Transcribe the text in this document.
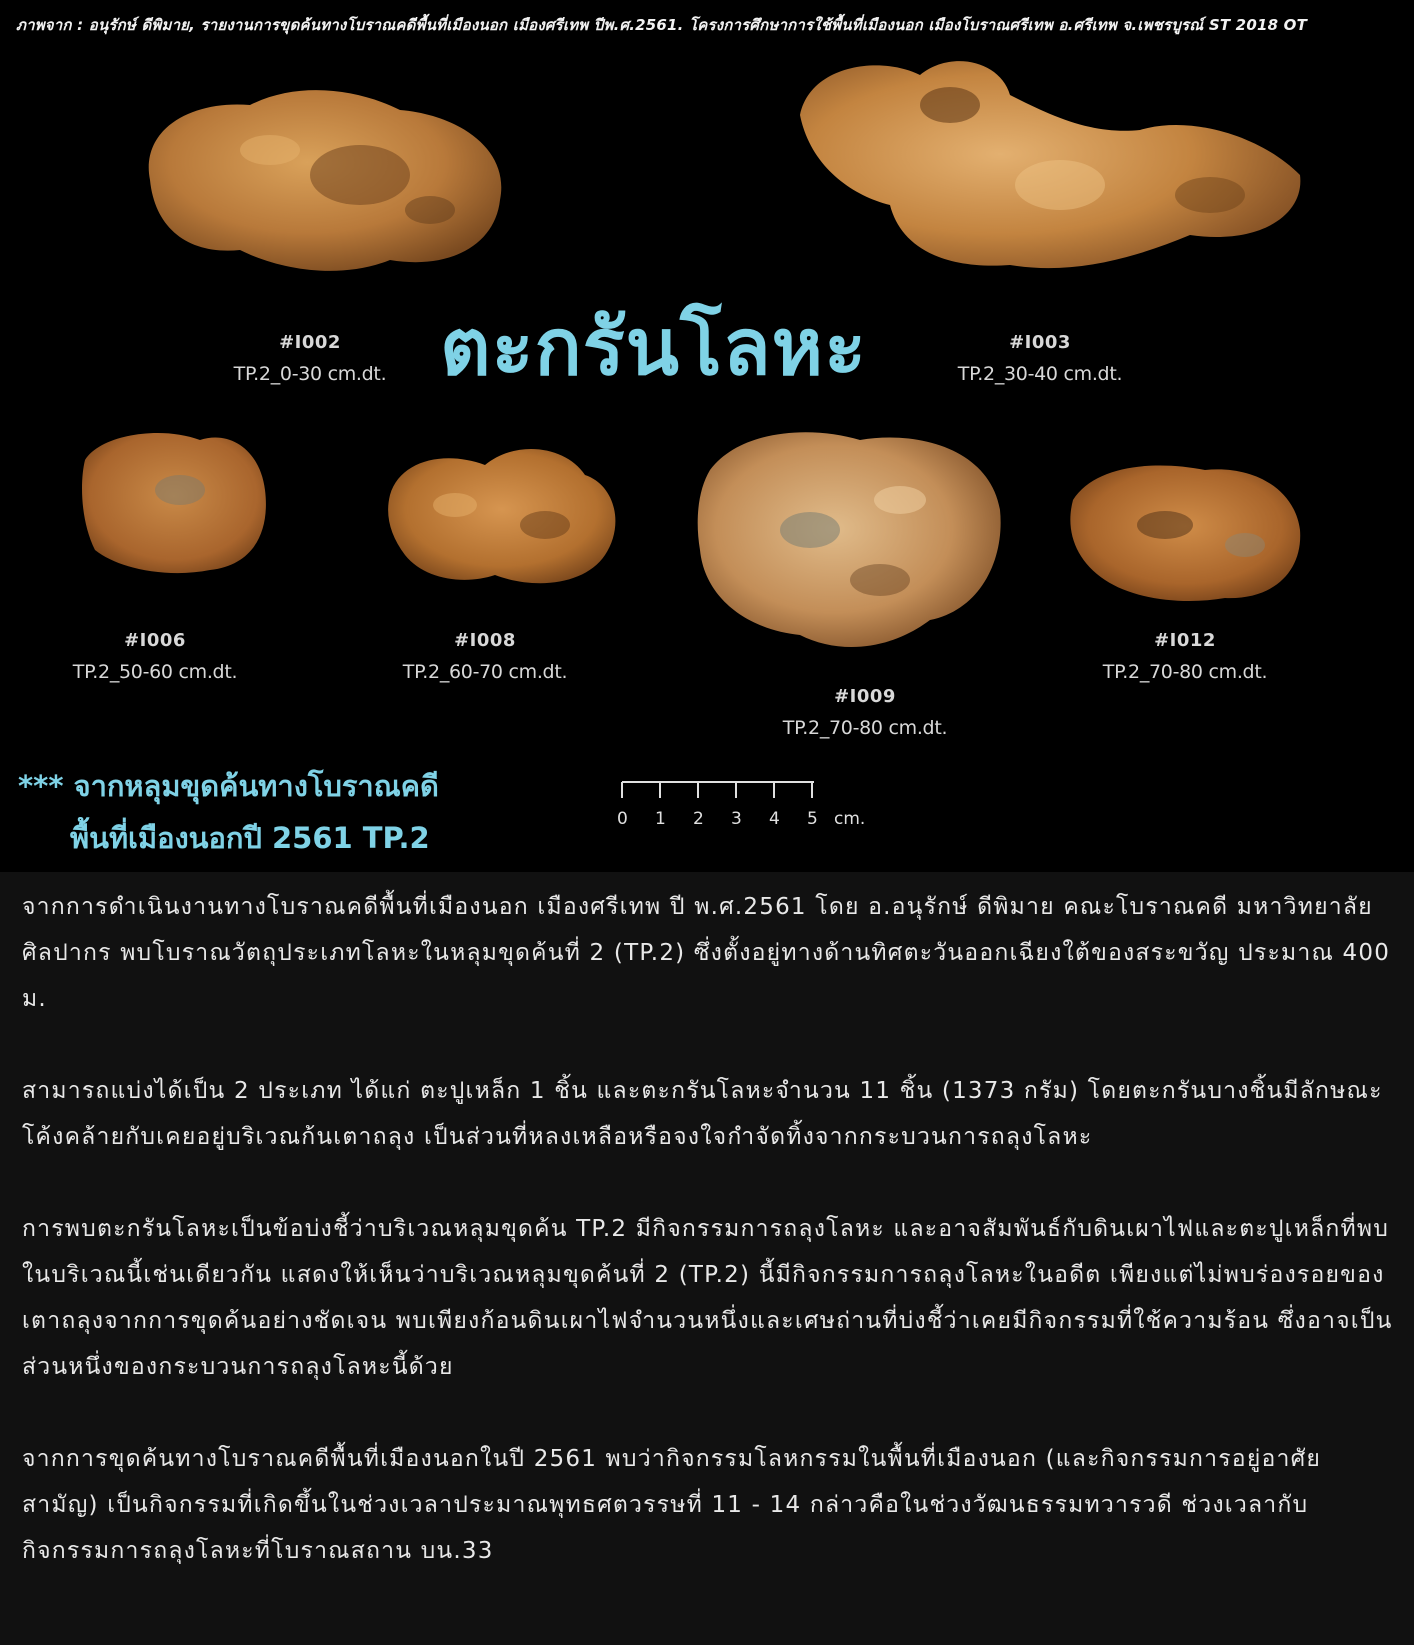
ภาพจาก : อนุรักษ์ ดีพิมาย, รายงานการขุดค้นทางโบราณคดีพื้นที่เมืองนอก เมืองศรีเทพ ปีพ.ศ.2561. โครงการศึกษาการใช้พื้นที่เมืองนอก เมืองโบราณศรีเทพ อ.ศรีเทพ จ.เพชรบูรณ์ ST 2018 OT
#I002
TP.2_0-30 cm.dt. ตะกรันโลหะ	#I003
TP.2_30-40 cm.dt.
#I006
TP.2_50-60 cm.dt.
#I008
TP.2_60-70 cm.dt.
#I009
TP.2_70-80 cm.dt.
#I012
TP.2_70-80 cm.dt.
*** จากหลุมขุดค้นทางโบราณคดี
พื้นที่เมืองนอกปี 2561 TP.2
0 1 2 3 4 5 cm.

จากการดำเนินงานทางโบราณคดีพื้นที่เมืองนอก เมืองศรีเทพ ปี พ.ศ.2561 โดย อ.อนุรักษ์ ดีพิมาย คณะโบราณคดี มหาวิทยาลัยศิลปากร พบโบราณวัตถุประเภทโลหะในหลุมขุดค้นที่ 2 (TP.2) ซึ่งตั้งอยู่ทางด้านทิศตะวันออกเฉียงใต้ของสระขวัญ ประมาณ 400 ม.

สามารถแบ่งได้เป็น 2 ประเภท ได้แก่ ตะปูเหล็ก 1 ชิ้น และตะกรันโลหะจำนวน 11 ชิ้น (1373 กรัม) โดยตะกรันบางชิ้นมีลักษณะโค้งคล้ายกับเคยอยู่บริเวณก้นเตาถลุง เป็นส่วนที่หลงเหลือหรือจงใจกำจัดทิ้งจากกระบวนการถลุงโลหะ

การพบตะกรันโลหะเป็นข้อบ่งชี้ว่าบริเวณหลุมขุดค้น TP.2 มีกิจกรรมการถลุงโลหะ และอาจสัมพันธ์กับดินเผาไฟและตะปูเหล็กที่พบในบริเวณนี้เช่นเดียวกัน แสดงให้เห็นว่าบริเวณหลุมขุดค้นที่ 2 (TP.2) นี้มีกิจกรรมการถลุงโลหะในอดีต เพียงแต่ไม่พบร่องรอยของเตาถลุงจากการขุดค้นอย่างชัดเจน พบเพียงก้อนดินเผาไฟจำนวนหนึ่งและเศษถ่านที่บ่งชี้ว่าเคยมีกิจกรรมที่ใช้ความร้อน ซึ่งอาจเป็นส่วนหนึ่งของกระบวนการถลุงโลหะนี้ด้วย

จากการขุดค้นทางโบราณคดีพื้นที่เมืองนอกในปี 2561 พบว่ากิจกรรมโลหกรรมในพื้นที่เมืองนอก (และกิจกรรมการอยู่อาศัยสามัญ) เป็นกิจกรรมที่เกิดขึ้นในช่วงเวลาประมาณพุทธศตวรรษที่ 11 - 14 กล่าวคือในช่วงวัฒนธรรมทวารวดี ช่วงเวลากับกิจกรรมการถลุงโลหะที่โบราณสถาน บน.33
